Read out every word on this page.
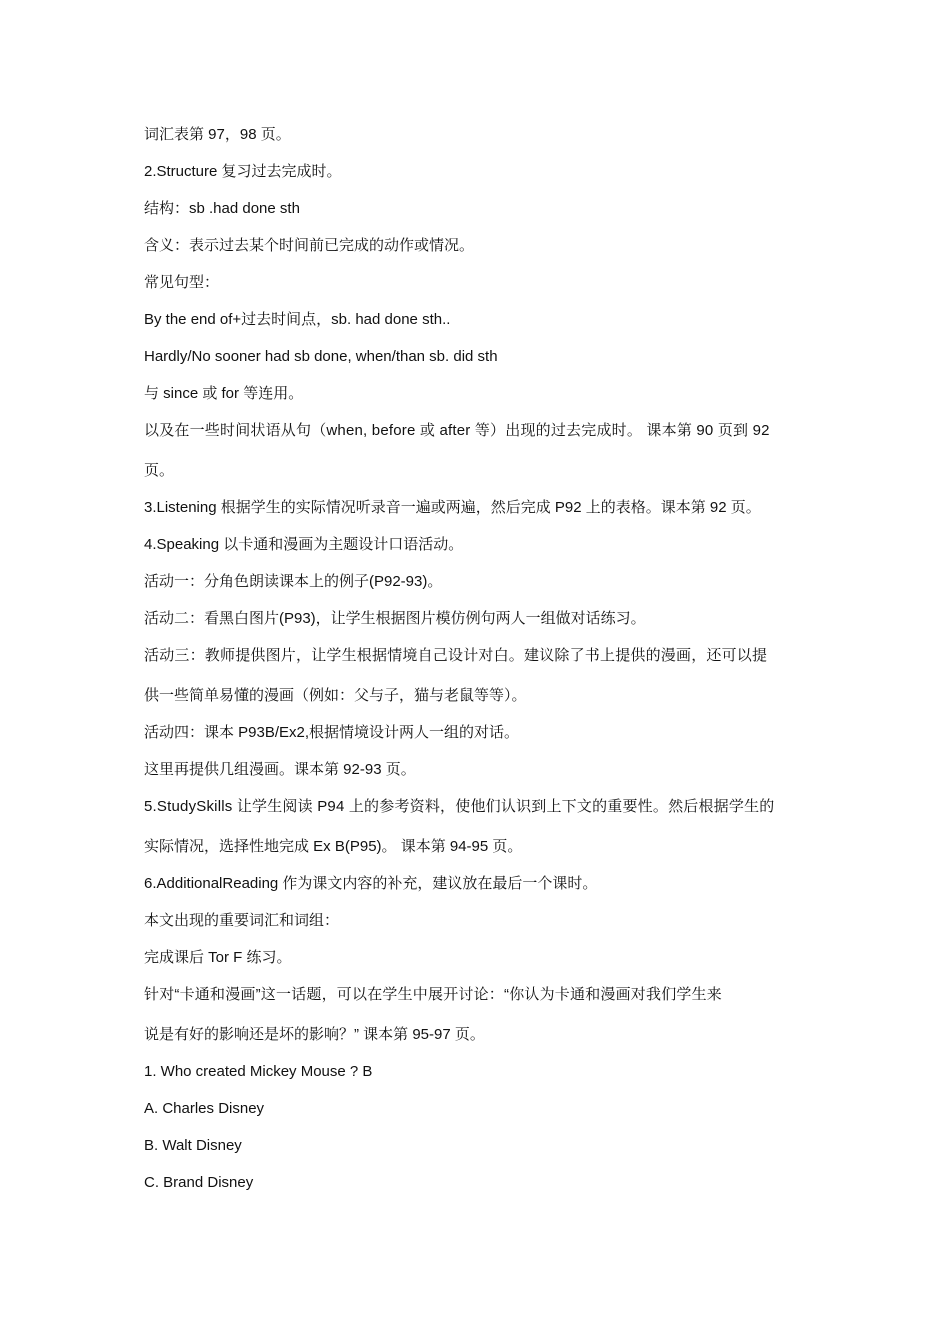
词汇表第 97，98 页。

2.Structure 复习过去完成时。

结构：sb .had done sth

含义：表示过去某个时间前已完成的动作或情况。

常见句型：

By the end of+过去时间点，sb. had done sth..

Hardly/No sooner had sb done, when/than sb. did sth

与 since 或 for 等连用。

以及在一些时间状语从句（when, before 或 after 等）出现的过去完成时。 课本第 90 页到 92

页。

3.Listening 根据学生的实际情况听录音一遍或两遍，然后完成 P92 上的表格。课本第 92 页。

4.Speaking 以卡通和漫画为主题设计口语活动。

活动一：分角色朗读课本上的例子(P92-93)。

活动二：看黑白图片(P93)，让学生根据图片模仿例句两人一组做对话练习。

活动三：教师提供图片，让学生根据情境自己设计对白。建议除了书上提供的漫画，还可以提

供一些简单易懂的漫画（例如：父与子，猫与老鼠等等）。

活动四：课本 P93B/Ex2,根据情境设计两人一组的对话。

这里再提供几组漫画。课本第 92-93 页。

5.StudySkills 让学生阅读 P94 上的参考资料，使他们认识到上下文的重要性。然后根据学生的

实际情况，选择性地完成 Ex B(P95)。 课本第 94-95 页。

6.AdditionalReading 作为课文内容的补充，建议放在最后一个课时。

本文出现的重要词汇和词组：

完成课后 Tor F 练习。

针对“卡通和漫画”这一话题，可以在学生中展开讨论：“你认为卡通和漫画对我们学生来

说是有好的影响还是坏的影响？” 课本第 95-97 页。

1. Who created Mickey Mouse ? B

A. Charles Disney

B. Walt Disney

C. Brand Disney
